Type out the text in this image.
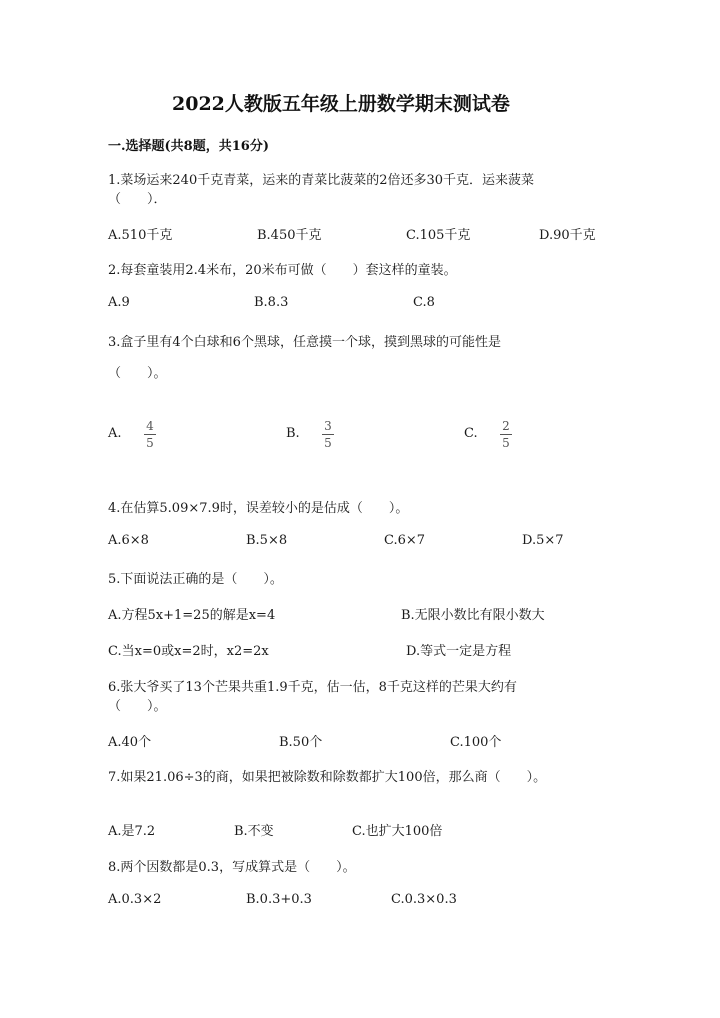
2022人教版五年级上册数学期末测试卷
一.选择题(共8题，共16分)
1.菜场运来240千克青菜，运来的青菜比菠菜的2倍还多30千克．运来菠菜
（　　）．
A.510千克	B.450千克	C.105千克	D.90千克
2.每套童装用2.4米布，20米布可做（　　）套这样的童装。
A.9	B.8.3	C.8
3.盒子里有4个白球和6个黑球，任意摸一个球，摸到黑球的可能性是
（　　）。
A. 4
5
B. 3
5
C. 2
5
4.在估算5.09×7.9时，误差较小的是估成（　　）。
A.6×8	B.5×8	C.6×7	D.5×7
5.下面说法正确的是（　　）。
A.方程5x+1=25的解是x=4	B.无限小数比有限小数大
C.当x=0或x=2时，x2=2x	D.等式一定是方程
6.张大爷买了13个芒果共重1.9千克，估一估，8千克这样的芒果大约有
（　　）。
A.40个	B.50个	C.100个
7.如果21.06÷3的商，如果把被除数和除数都扩大100倍，那么商（　　）。
A.是7.2	B.不变	C.也扩大100倍
8.两个因数都是0.3，写成算式是（　　）。
A.0.3×2	B.0.3+0.3	C.0.3×0.3
